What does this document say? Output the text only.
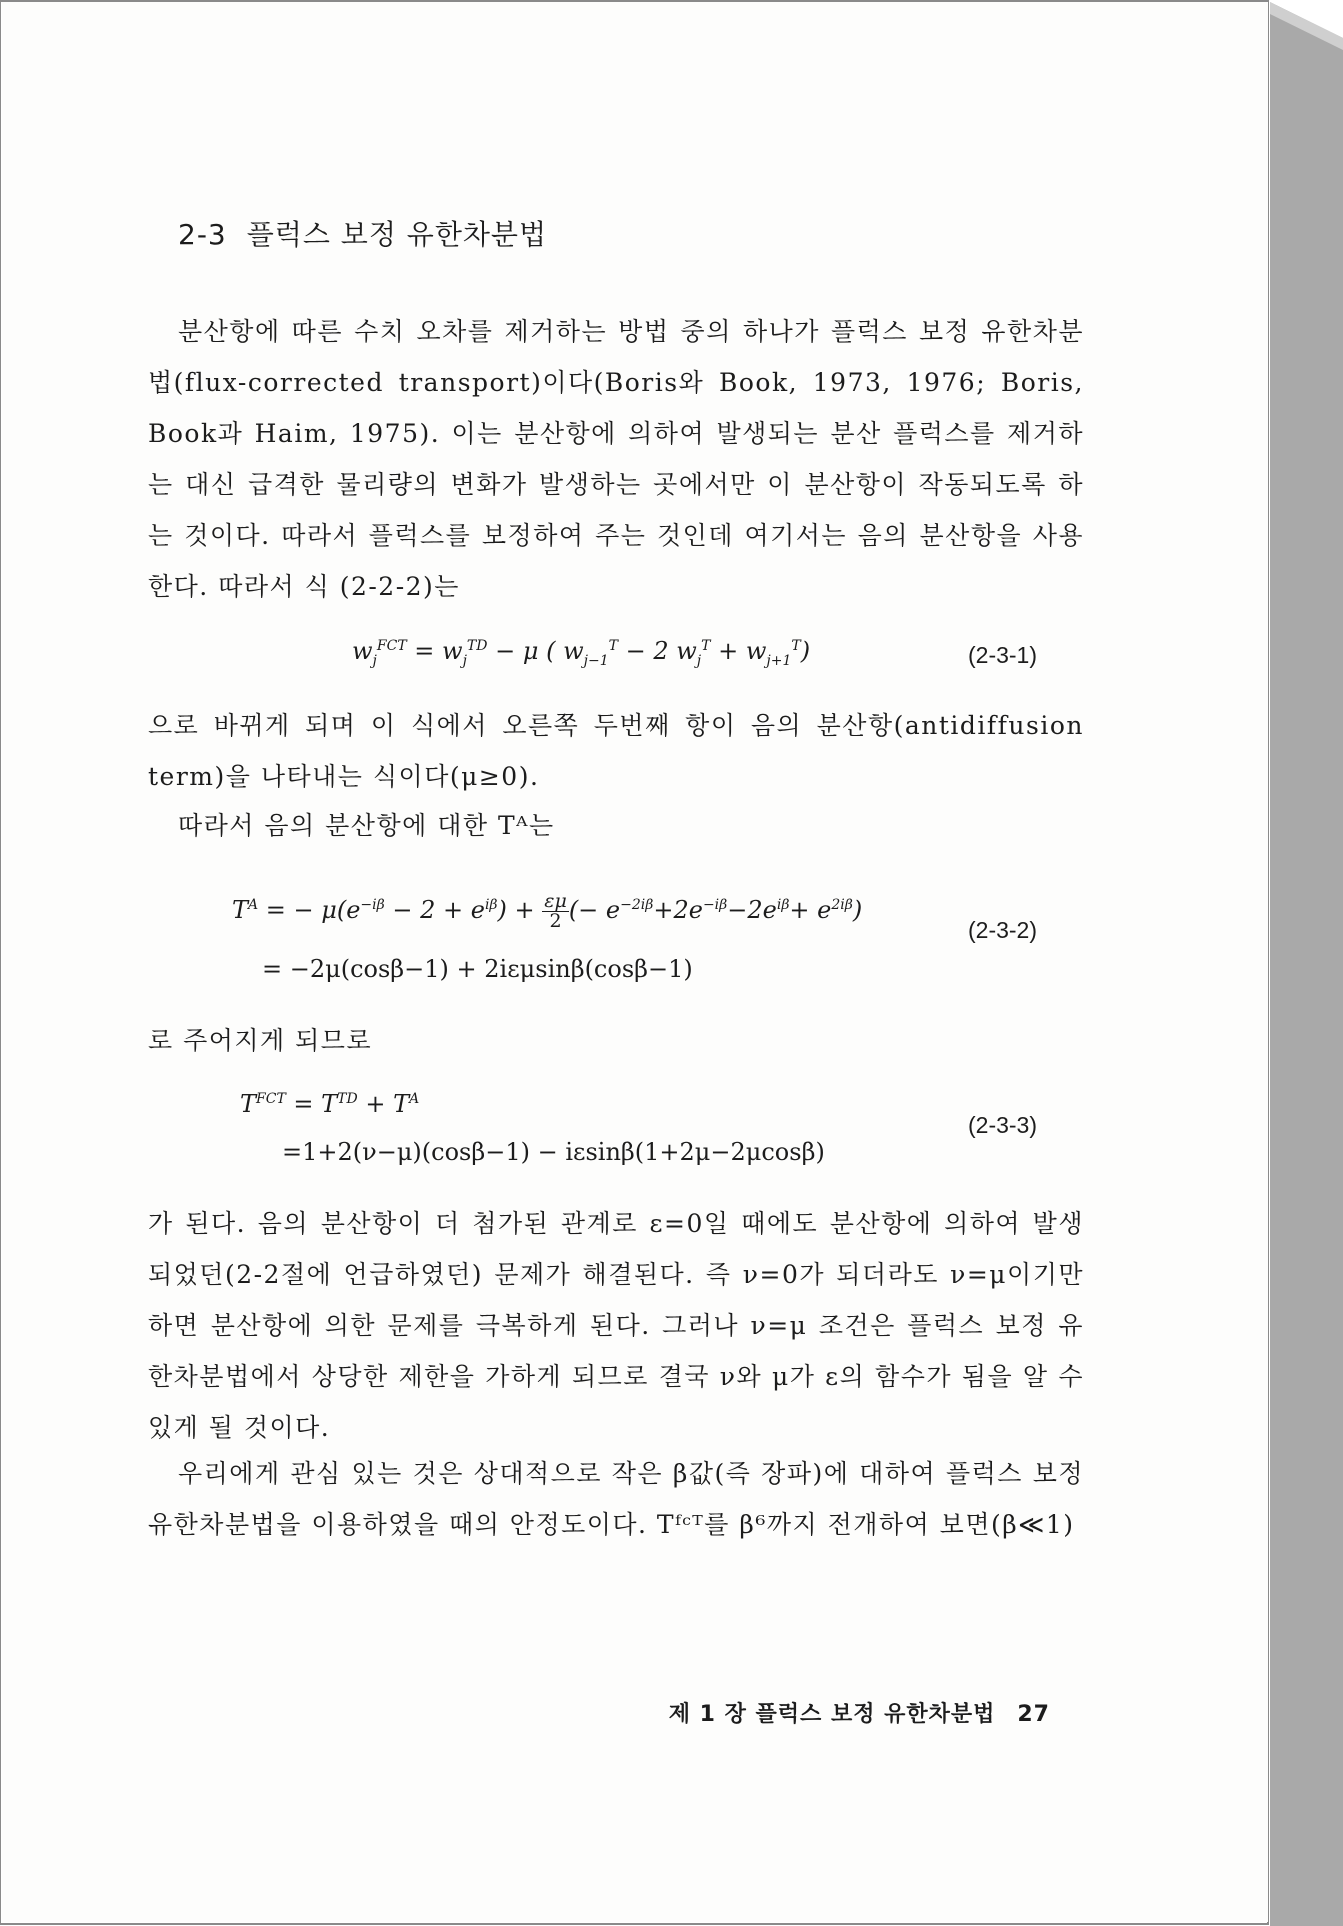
2-3 플럭스 보정 유한차분법

분산항에 따른 수치 오차를 제거하는 방법 중의 하나가 플럭스 보정 유한차분법(flux-corrected transport)이다(Boris와 Book, 1973, 1976; Boris, Book과 Haim, 1975). 이는 분산항에 의하여 발생되는 분산 플럭스를 제거하는 대신 급격한 물리량의 변화가 발생하는 곳에서만 이 분산항이 작동되도록 하는 것이다. 따라서 플럭스를 보정하여 주는 것인데 여기서는 음의 분산항을 사용한다. 따라서 식 (2-2-2)는

$w_j^{FCT} = w_j^{TD} - \mu$ ( $w_{j-1}^T - 2$ $w_j^T + w_{j+1}^T$)	(2-3-1)

으로 바뀌게 되며 이 식에서 오른쪽 두번째 항이 음의 분산항(antidiffusion term)을 나타내는 식이다(μ≥0).

따라서 음의 분산항에 대한 Tᴬ는

$T^A$ = − $\mu(e^{-i\beta} - 2 + e^{i\beta}) + \frac{\varepsilon\mu}{2}$ (− $e^{-2i\beta}+2e^{-i\beta}-2e^{i\beta}+ e^{2i\beta}$)
= −2μ(cosβ−1) + 2iεμsinβ(cosβ−1)
(2-3-2)

로 주어지게 되므로

$T^{FCT} = T^{TD} + T^A$
=1+2(ν−μ)(cosβ−1) − iεsinβ(1+2μ−2μcosβ)
(2-3-3)

가 된다. 음의 분산항이 더 첨가된 관계로 ε=0일 때에도 분산항에 의하여 발생되었던(2-2절에 언급하였던) 문제가 해결된다. 즉 ν=0가 되더라도 ν=μ이기만 하면 분산항에 의한 문제를 극복하게 된다. 그러나 ν=μ 조건은 플럭스 보정 유한차분법에서 상당한 제한을 가하게 되므로 결국 ν와 μ가 ε의 함수가 됨을 알 수 있게 될 것이다.

우리에게 관심 있는 것은 상대적으로 작은 β값(즉 장파)에 대하여 플럭스 보정 유한차분법을 이용하였을 때의 안정도이다. Tᶠᶜᵀ를 β⁶까지 전개하여 보면(β≪1)

제 1 장 플럭스 보정 유한차분법 27
